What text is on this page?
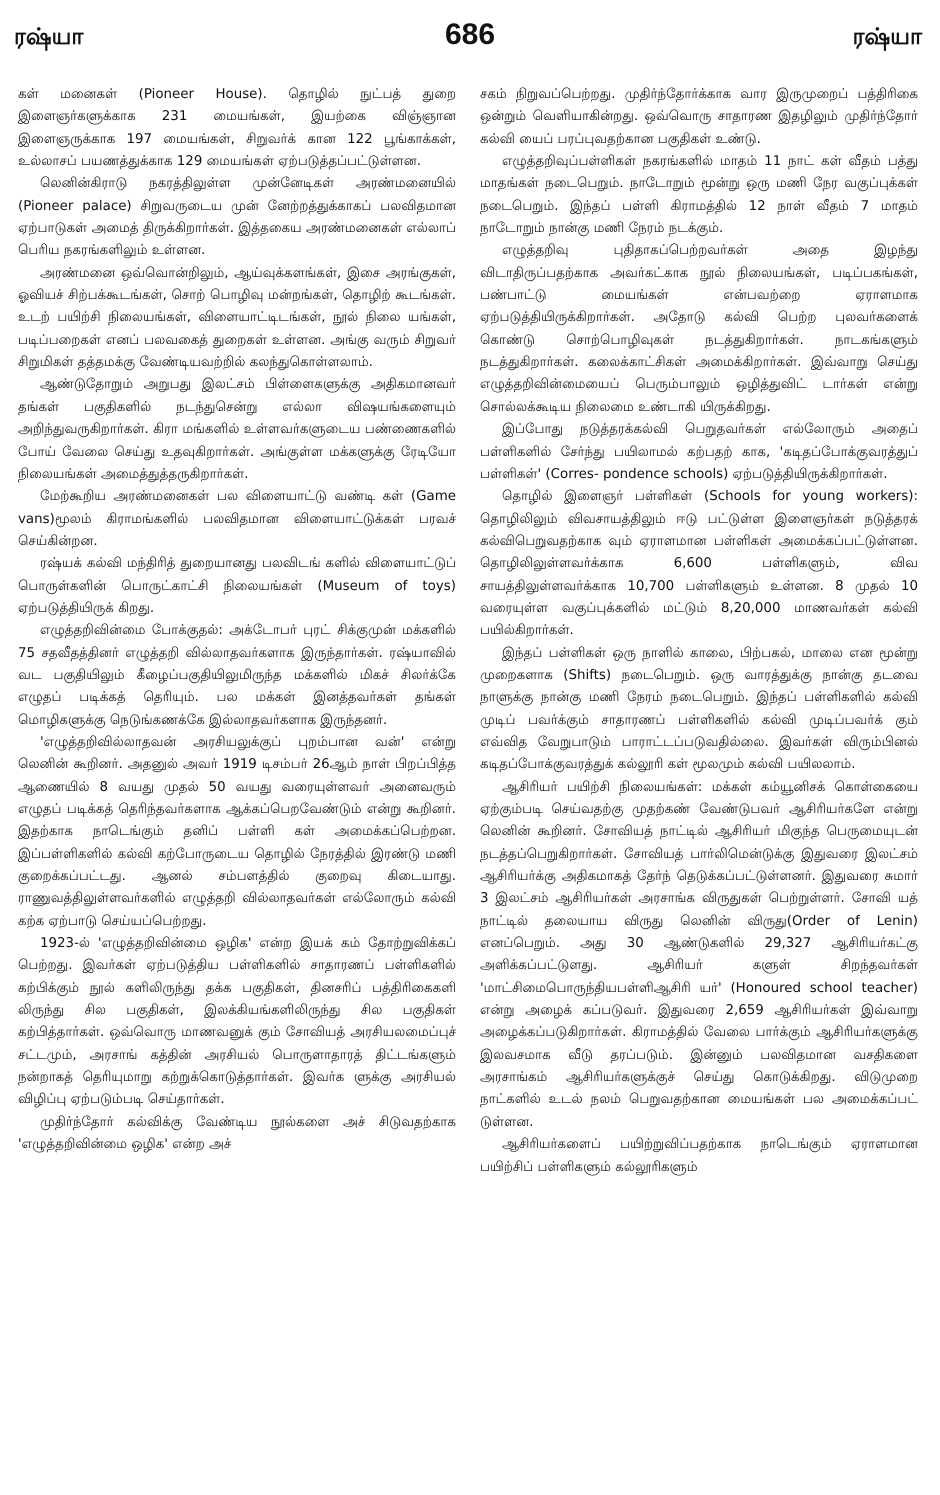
ரஷ்யா	686	ரஷ்யா

கள் மனைகள் (Pioneer House). தொழில் நுட்பத் துறை இளைஞர்களுக்காக 231 மையங்கள், இயற்கை விஞ்ஞான இளைஞருக்காக 197 மையங்கள், சிறுவர்க் கான 122 பூங்காக்கள், உல்லாசப் பயணத்துக்காக 129 மையங்கள் ஏற்படுத்தப்பட்டுள்ளன.

லெனின்கிராடு நகரத்திலுள்ள முன்னேடிகள் அரண்மனையில் (Pioneer palace) சிறுவருடைய முன் னேற்றத்துக்காகப் பலவிதமான ஏற்பாடுகள் அமைத் திருக்கிறார்கள். இத்தகைய அரண்மனைகள் எல்லாப் பெரிய நகரங்களிலும் உள்ளன.

அரண்மனை ஒவ்வொன்றிலும், ஆய்வுக்களங்கள், இசை அரங்குகள், ஓவியச் சிற்பக்கூடங்கள், சொற் பொழிவு மன்றங்கள், தொழிற் கூடங்கள். உடற் பயிற்சி நிலையங்கள், விளையாட்டிடங்கள், நூல் நிலை யங்கள், படிப்பறைகள் எனப் பலவகைத் துறைகள் உள்ளன. அங்கு வரும் சிறுவர் சிறுமிகள் தத்தமக்கு வேண்டியவற்றில் கலந்துகொள்ளலாம்.

ஆண்டுதோறும் அறுபது இலட்சம் பிள்ளைகளுக்கு அதிகமானவர் தங்கள் பகுதிகளில் நடந்துசென்று எல்லா விஷயங்களையும் அறிந்துவருகிறார்கள். கிரா மங்களில் உள்ளவர்களுடைய பண்ணைகளில் போய் வேலை செய்து உதவுகிறார்கள். அங்குள்ள மக்களுக்கு ரேடியோ நிலையங்கள் அமைத்துத்தருகிறார்கள்.

மேற்கூறிய அரண்மனைகள் பல விளையாட்டு வண்டி கள் (Game vans)மூலம் கிராமங்களில் பலவிதமான விளையாட்டுக்கள் பரவச் செய்கின்றன.

ரஷ்யக் கல்வி மந்திரித் துறையானது பலவிடங் களில் விளையாட்டுப் பொருள்களின் பொருட்காட்சி நிலையங்கள் (Museum of toys) ஏற்படுத்தியிருக் கிறது.

எழுத்தறிவின்மை போக்குதல்: அக்டோபர் புரட் சிக்குமுன் மக்களில் 75 சதவீதத்தினர் எழுத்தறி வில்லாதவர்களாக இருந்தார்கள். ரஷ்யாவில் வட பகுதியிலும் கீழைப்பகுதியிலுமிருந்த மக்களில் மிகச் சிலர்க்கே எழுதப் படிக்கத் தெரியும். பல மக்கள் இனத்தவர்கள் தங்கள் மொழிகளுக்கு நெடுங்கணக்கே இல்லாதவர்களாக இருந்தனர்.

'எழுத்தறிவில்லாதவன் அரசியலுக்குப் புறம்பான வன்' என்று லெனின் கூறினர். அதனுல் அவர் 1919 டிசம்பர் 26ஆம் நாள் பிறப்பித்த ஆணையில் 8 வயது முதல் 50 வயது வரையுள்ளவர் அனைவரும் எழுதப் படிக்கத் தெரிந்தவர்களாக ஆக்கப்பெறவேண்டும் என்று கூறினர். இதற்காக நாடெங்கும் தனிப் பள்ளி கள் அமைக்கப்பெற்றன. இப்பள்ளிகளில் கல்வி கற்போருடைய தொழில் நேரத்தில் இரண்டு மணி குறைக்கப்பட்டது. ஆனல் சம்பளத்தில் குறைவு கிடையாது. ராணுவத்திலுள்ளவர்களில் எழுத்தறி வில்லாதவர்கள் எல்லோரும் கல்வி கற்க ஏற்பாடு செய்யப்பெற்றது.

1923-ல் 'எழுத்தறிவின்மை ஒழிக' என்ற இயக் கம் தோற்றுவிக்கப் பெற்றது. இவர்கள் ஏற்படுத்திய பள்ளிகளில் சாதாரணப் பள்ளிகளில் கற்பிக்கும் நூல் களிலிருந்து தக்க பகுதிகள், தினசரிப் பத்திரிகைகளி லிருந்து சில பகுதிகள், இலக்கியங்களிலிருந்து சில பகுதிகள் கற்பித்தார்கள். ஒவ்வொரு மாணவனுக் கும் சோவியத் அரசியலமைப்புச் சட்டமும், அரசாங் கத்தின் அரசியல் பொருளாதாரத் திட்டங்களும் நன்றாகத் தெரியுமாறு கற்றுக்கொடுத்தார்கள். இவர்க ளுக்கு அரசியல் விழிப்பு ஏற்படும்படி செய்தார்கள்.

முதிர்ந்தோர் கல்விக்கு வேண்டிய நூல்களை அச் சிடுவதற்காக 'எழுத்தறிவின்மை ஒழிக' என்ற அச்

சகம் நிறுவப்பெற்றது. முதிர்ந்தோர்க்காக வார இருமுறைப் பத்திரிகை ஒன்றும் வெளியாகின்றது. ஒவ்வொரு சாதாரண இதழிலும் முதிர்ந்தோர் கல்வி யைப் பரப்புவதற்கான பகுதிகள் உண்டு.

எழுத்தறிவுப்பள்ளிகள் நகரங்களில் மாதம் 11 நாட் கள் வீதம் பத்து மாதங்கள் நடைபெறும். நாடோறும் மூன்று ஒரு மணி நேர வகுப்புக்கள் நடைபெறும். இந்தப் பள்ளி கிராமத்தில் 12 நாள் வீதம் 7 மாதம் நாடோறும் நான்கு மணி நேரம் நடக்கும்.

எழுத்தறிவு புதிதாகப்பெற்றவர்கள் அதை இழந்து விடாதிருப்பதற்காக அவர்கட்காக நூல் நிலையங்கள், படிப்பகங்கள், பண்பாட்டு மையங்கள் என்பவற்றை ஏராளமாக ஏற்படுத்தியிருக்கிறார்கள். அதோடு கல்வி பெற்ற புலவர்களைக் கொண்டு சொற்பொழிவுகள் நடத்துகிறார்கள். நாடகங்களும் நடத்துகிறார்கள். கலைக்காட்சிகள் அமைக்கிறார்கள். இவ்வாறு செய்து எழுத்தறிவின்மையைப் பெரும்பாலும் ஒழித்துவிட் டார்கள் என்று சொல்லக்கூடிய நிலைமை உண்டாகி யிருக்கிறது.

இப்போது நடுத்தரக்கல்வி பெறுதவர்கள் எல்லோரும் அதைப் பள்ளிகளில் சேர்ந்து பயிலாமல் கற்பதற் காக, 'கடிதப்போக்குவரத்துப் பள்ளிகள்' (Corres- pondence schools) ஏற்படுத்தியிருக்கிறார்கள்.

தொழில் இளைஞர் பள்ளிகள் (Schools for young workers): தொழிலிலும் விவசாயத்திலும் ஈடு பட்டுள்ள இளைஞர்கள் நடுத்தரக் கல்விபெறுவதற்காக வும் ஏராளமான பள்ளிகள் அமைக்கப்பட்டுள்ளன. தொழிலிலுள்ளவர்க்காக 6,600 பள்ளிகளும், விவ சாயத்திலுள்ளவர்க்காக 10,700 பள்ளிகளும் உள்ளன. 8 முதல் 10 வரையுள்ள வகுப்புக்களில் மட்டும் 8,20,000 மாணவர்கள் கல்வி பயில்கிறார்கள்.

இந்தப் பள்ளிகள் ஒரு நாளில் காலை, பிற்பகல், மாலை என மூன்று முறைகளாக (Shifts) நடைபெறும். ஒரு வாரத்துக்கு நான்கு தடவை நாளுக்கு நான்கு மணி நேரம் நடைபெறும். இந்தப் பள்ளிகளில் கல்வி முடிப் பவர்க்கும் சாதாரணப் பள்ளிகளில் கல்வி முடிப்பவர்க் கும் எவ்வித வேறுபாடும் பாராட்டப்படுவதில்லை. இவர்கள் விரும்பினல் கடிதப்போக்குவரத்துக் கல்லூரி கள் மூலமும் கல்வி பயிலலாம்.

ஆசிரியர் பயிற்சி நிலையங்கள்: மக்கள் கம்யூனிசக் கொள்கையை ஏற்கும்படி செய்வதற்கு முதற்கண் வேண்டுபவர் ஆசிரியர்களே என்று லெனின் கூறினர். சோவியத் நாட்டில் ஆசிரியர் மிகுந்த பெருமையுடன் நடத்தப்பெறுகிறார்கள். சோவியத் பார்லிமென்டுக்கு இதுவரை இலட்சம் ஆசிரியர்க்கு அதிகமாகத் தேர்ந் தெடுக்கப்பட்டுள்ளனர். இதுவரை சுமார் 3 இலட்சம் ஆசிரியர்கள் அரசாங்க விருதுகள் பெற்றுள்ளர். சோவி யத் நாட்டில் தலையாய விருது லெனின் விருது(Order of Lenin) எனப்பெறும். அது 30 ஆண்டுகளில் 29,327 ஆசிரியர்கட்கு அளிக்கப்பட்டுளது. ஆசிரியர் களுள் சிறந்தவர்கள் 'மாட்சிமைபொருந்தியபள்ளிஆசிரி யர்' (Honoured school teacher) என்று அழைக் கப்படுவர். இதுவரை 2,659 ஆசிரியர்கள் இவ்வாறு அழைக்கப்படுகிறார்கள். கிராமத்தில் வேலை பார்க்கும் ஆசிரியர்களுக்கு இலவசமாக வீடு தரப்படும். இன்னும் பலவிதமான வசதிகளை அரசாங்கம் ஆசிரியர்களுக்குச் செய்து கொடுக்கிறது. விடுமுறை நாட்களில் உடல் நலம் பெறுவதற்கான மையங்கள் பல அமைக்கப்பட் டுள்ளன.

ஆசிரியர்களைப் பயிற்றுவிப்பதற்காக நாடெங்கும் ஏராளமான பயிற்சிப் பள்ளிகளும் கல்லூரிகளும்
